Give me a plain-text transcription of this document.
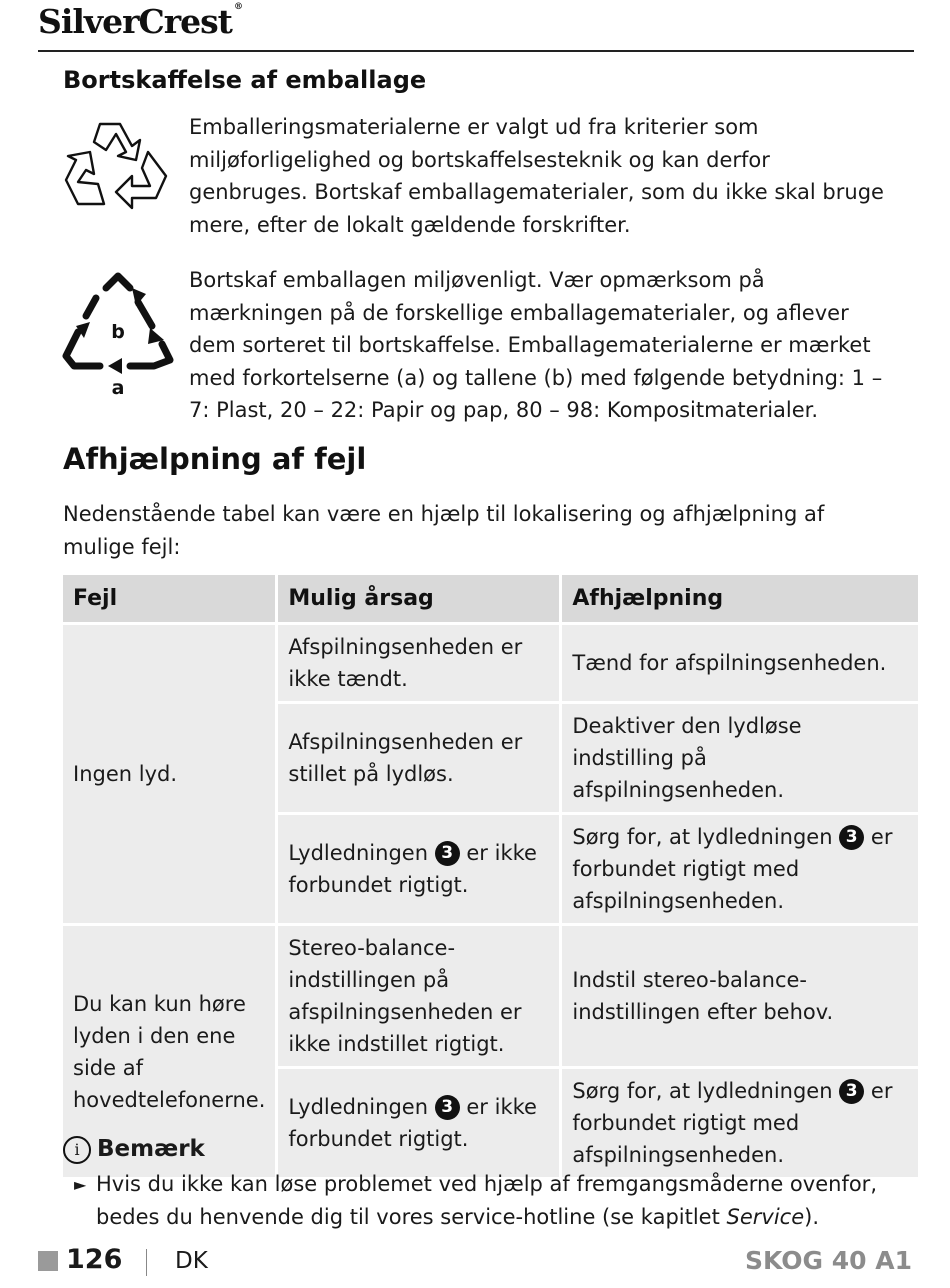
SilverCrest ®
Bortskaffelse af emballage

Emballeringsmaterialerne er valgt ud fra kriterier som miljøforligelighed og bortskaffelsesteknik og kan derfor genbruges. Bortskaf emballagematerialer, som du ikke skal bruge mere, efter de lokalt gældende forskrifter.

b
a

Bortskaf emballagen miljøvenligt. Vær opmærksom på mærkningen på de forskellige emballagematerialer, og aflever dem sorteret til bortskaffelse. Emballagematerialerne er mærket med forkortelserne (a) og tallene (b) med følgende betydning: 1 – 7: Plast, 20 – 22: Papir og pap, 80 – 98: Kompositmaterialer.

Afhjælpning af fejl

Nedenstående tabel kan være en hjælp til lokalisering og afhjælpning af mulige fejl:

Fejl	Mulig årsag	Afhjælpning
Ingen lyd.	Afspilningsenheden er ikke tændt.	Tænd for afspilningsenheden.
	Afspilningsenheden er stillet på lydløs.	Deaktiver den lydløse indstilling på afspilningsenheden.
	Lydledningen 3 er ikke forbundet rigtigt.	Sørg for, at lydledningen 3 er forbundet rigtigt med afspilningsenheden.
Du kan kun høre lyden i den ene side af hovedtelefonerne.	Stereo-balance-indstillingen på afspilningsenheden er ikke indstillet rigtigt.	Indstil stereo-balance-indstillingen efter behov.
	Lydledningen 3 er ikke forbundet rigtigt.	Sørg for, at lydledningen 3 er forbundet rigtigt med afspilningsenheden.
i Bemærk
► Hvis du ikke kan løse problemet ved hjælp af fremgangsmåderne ovenfor, bedes du henvende dig til vores service-hotline (se kapitlet Service).

126 DK	SKOG 40 A1
